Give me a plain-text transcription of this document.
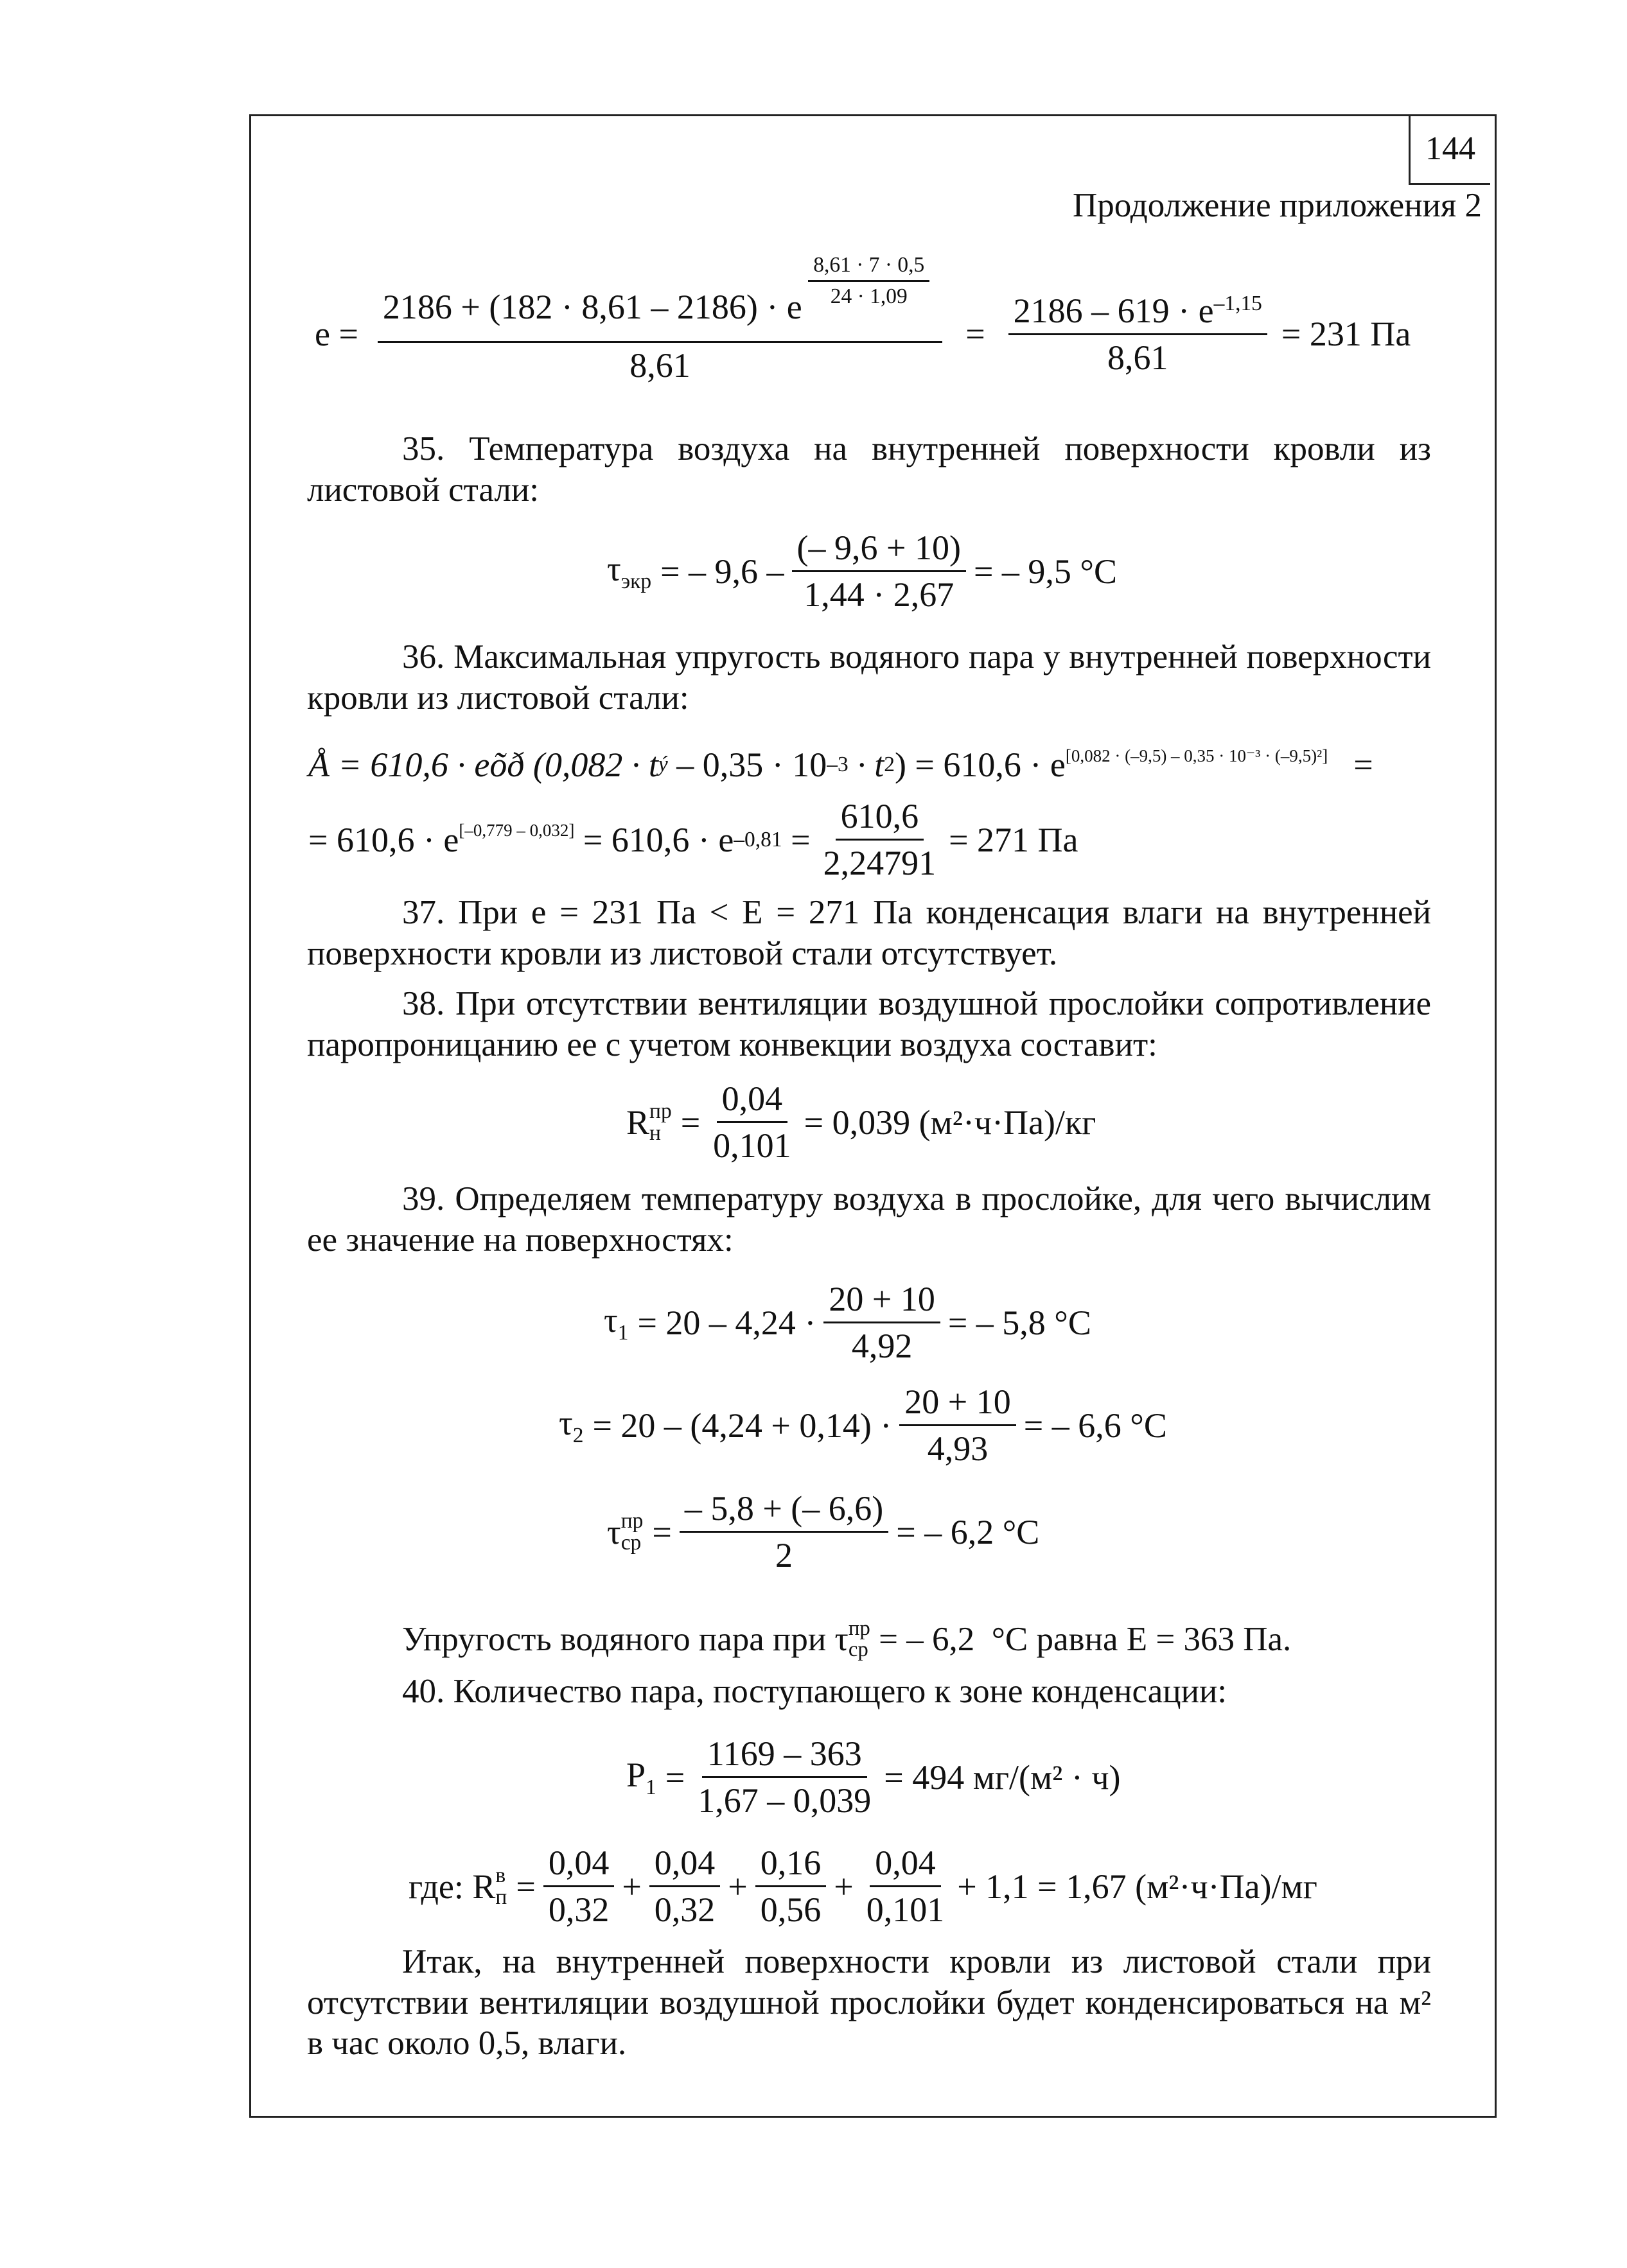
144
Продолжение приложения 2
e =
2186 + (182 · 8,61 – 2186) · e $\frac{8,61 \cdot 7 \cdot 0,5}{24 \cdot 1,09}$
8,61
= $\frac{2186 - 619 \cdot e^{-1,15}}{8,61} = 231$ Па
35. Температура воздуха на внутренней поверхности кровли из листовой стали:
$\tau_{экр}$ = – $9,6 - \frac{(- 9,6 + 10)}{1,44 \cdot 2,67}$ = – 9,5 °С
36. Максимальная упругость водяного пара у внутренней поверхности кровли из листовой стали:
Å = 610,6 · eõð (0,082 · t ý – 0,35 · 10 –3 · t 2 ) = 610,6 · e[0,082 · (–9,5) – 0,35 · 10⁻³ · (–9,5)²] =
= 610,6 · e[–0,779 – 0,032] = 610,6 · e $-0,81 = \frac{610,6}{2,24791} = 271$ Па
37. При е = 231 Па < Е = 271 Па конденсация влаги на внутренней поверхности кровли из листовой стали отсутствует.
38. При отсутствии вентиляции воздушной прослойки сопротивление паропроницанию ее с учетом конвекции воздуха составит:
R пр
$н = \frac{0,04}{0,101} = 0,039$ (м²·ч·Па)/кг
39. Определяем температуру воздуха в прослойке, для чего вычислим ее значение на поверхностях:
$\tau_1 = 20 - 4,24 \cdot \frac{20 + 10}{4,92}$ = – 5,8 °С
$\tau_2 = 20 - (4,24 + 0,14) \cdot \frac{20 + 10}{4,93}$ = – 6,6 °С
τ пр
ср = $\frac{- 5,8 + (- 6,6)}{2}$ = – 6,2 °С
Упругость водяного пара при τ пр
ср = – 6,2  °С равна Е = 363 Па.
40. Количество пара, поступающего к зоне конденсации:
$P_1 = \frac{1169 - 363}{1,67 - 0,039} = 494$ мг/(м² · ч)
где: R в
$п = \frac{0,04}{0,32} + \frac{0,04}{0,32} + \frac{0,16}{0,56} + \frac{0,04}{0,101} + 1,1 = 1,67$ (м²·ч·Па)/мг
Итак, на внутренней поверхности кровли из листовой стали при отсутствии вентиляции воздушной прослойки будет конденсироваться на м² в час около 0,5, влаги.
